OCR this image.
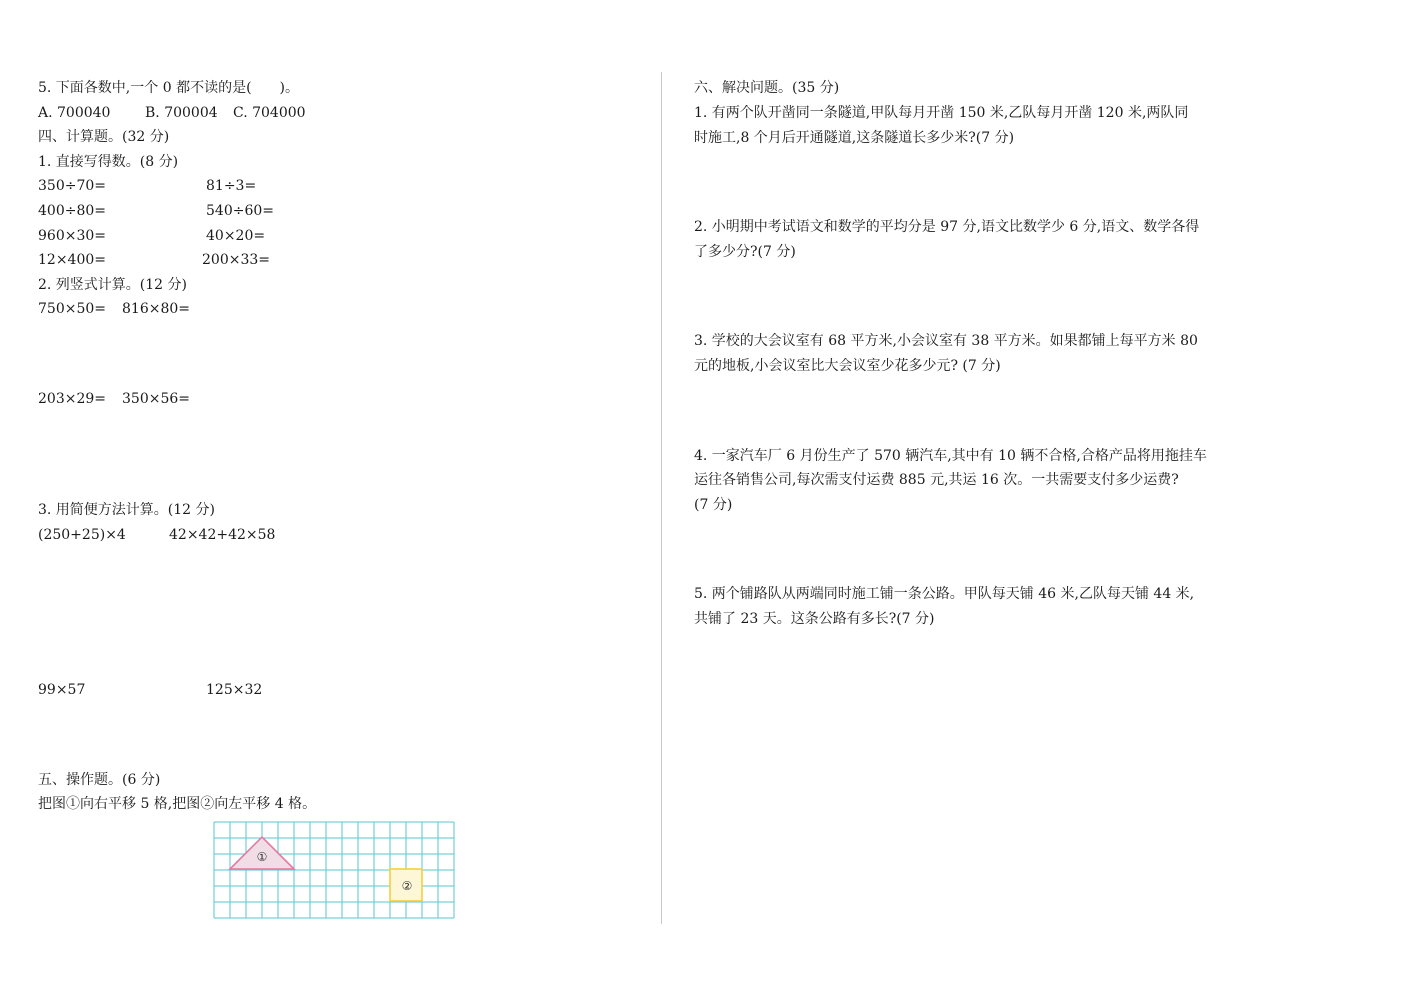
5. 下面各数中,一个 0 都不读的是(　　)。
A. 700040 B. 700004 C. 704000
四、计算题。(32 分)
1. 直接写得数。(8 分)
350÷70=	81÷3=
400÷80=	540÷60=
960×30=	40×20=
12×400=	200×33=
2. 列竖式计算。(12 分)
750×50= 816×80=
203×29= 350×56=
3. 用简便方法计算。(12 分)
(250+25)×4	42×42+42×58
99×57	125×32
五、操作题。(6 分)
把图①向右平移 5 格,把图②向左平移 4 格。
①
②
六、解决问题。(35 分)
1. 有两个队开凿同一条隧道,甲队每月开凿 150 米,乙队每月开凿 120 米,两队同
时施工,8 个月后开通隧道,这条隧道长多少米?(7 分)
2. 小明期中考试语文和数学的平均分是 97 分,语文比数学少 6 分,语文、数学各得
了多少分?(7 分)
3. 学校的大会议室有 68 平方米,小会议室有 38 平方米。如果都铺上每平方米 80
元的地板,小会议室比大会议室少花多少元? (7 分)
4. 一家汽车厂 6 月份生产了 570 辆汽车,其中有 10 辆不合格,合格产品将用拖挂车
运往各销售公司,每次需支付运费 885 元,共运 16 次。一共需要支付多少运费?
(7 分)
5. 两个铺路队从两端同时施工铺一条公路。甲队每天铺 46 米,乙队每天铺 44 米,
共铺了 23 天。这条公路有多长?(7 分)
